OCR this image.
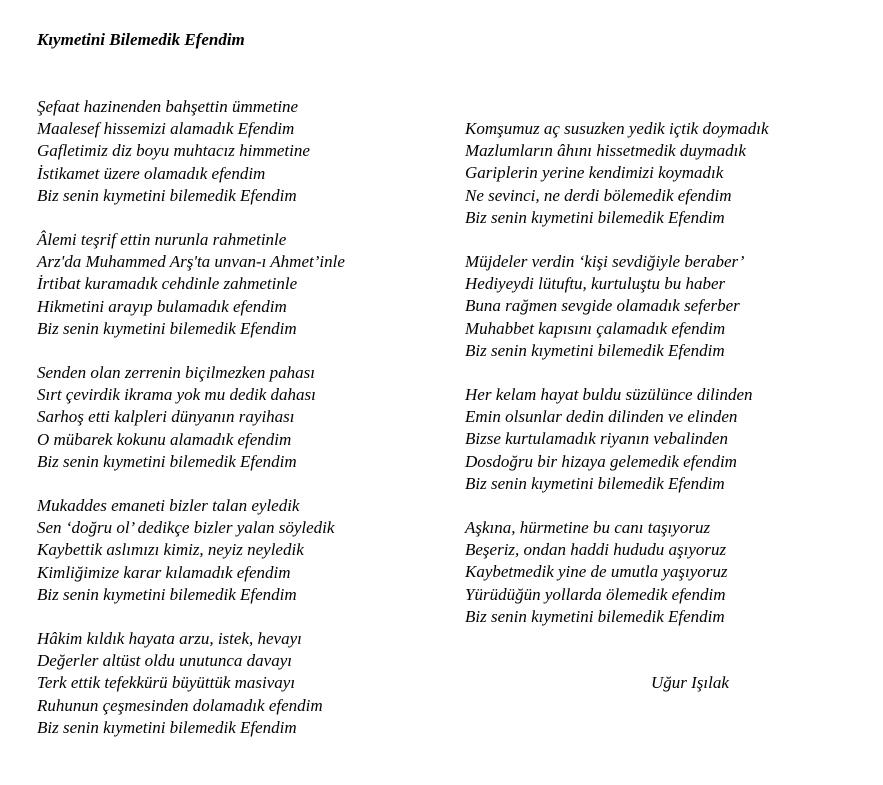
Kıymetini Bilemedik Efendim
Şefaat hazinenden bahşettin ümmetine
Maalesef hissemizi alamadık Efendim
Gafletimiz diz boyu muhtacız himmetine
İstikamet üzere olamadık efendim
Biz senin kıymetini bilemedik Efendim
Âlemi teşrif ettin nurunla rahmetinle
Arz'da Muhammed Arş'ta unvan-ı Ahmet’inle
İrtibat kuramadık cehdinle zahmetinle
Hikmetini arayıp bulamadık efendim
Biz senin kıymetini bilemedik Efendim
Senden olan zerrenin biçilmezken pahası
Sırt çevirdik ikrama yok mu dedik dahası
Sarhoş etti kalpleri dünyanın rayihası
O mübarek kokunu alamadık efendim
Biz senin kıymetini bilemedik Efendim
Mukaddes emaneti bizler talan eyledik
Sen ‘doğru ol’ dedikçe bizler yalan söyledik
Kaybettik aslımızı kimiz, neyiz neyledik
Kimliğimize karar kılamadık efendim
Biz senin kıymetini bilemedik Efendim
Hâkim kıldık hayata arzu, istek, hevayı
Değerler altüst oldu unutunca davayı
Terk ettik tefekkürü büyüttük masivayı
Ruhunun çeşmesinden dolamadık efendim
Biz senin kıymetini bilemedik Efendim
Komşumuz aç susuzken yedik içtik doymadık
Mazlumların âhını hissetmedik duymadık
Gariplerin yerine kendimizi koymadık
Ne sevinci, ne derdi bölemedik efendim
Biz senin kıymetini bilemedik Efendim
Müjdeler verdin ‘kişi sevdiğiyle beraber’
Hediyeydi lütuftu, kurtuluştu bu haber
Buna rağmen sevgide olamadık seferber
Muhabbet kapısını çalamadık efendim
Biz senin kıymetini bilemedik Efendim
Her kelam hayat buldu süzülünce dilinden
Emin olsunlar dedin dilinden ve elinden
Bizse kurtulamadık riyanın vebalinden
Dosdoğru bir hizaya gelemedik efendim
Biz senin kıymetini bilemedik Efendim
Aşkına, hürmetine bu canı taşıyoruz
Beşeriz, ondan haddi hududu aşıyoruz
Kaybetmedik yine de umutla yaşıyoruz
Yürüdüğün yollarda ölemedik efendim
Biz senin kıymetini bilemedik Efendim
Uğur Işılak
